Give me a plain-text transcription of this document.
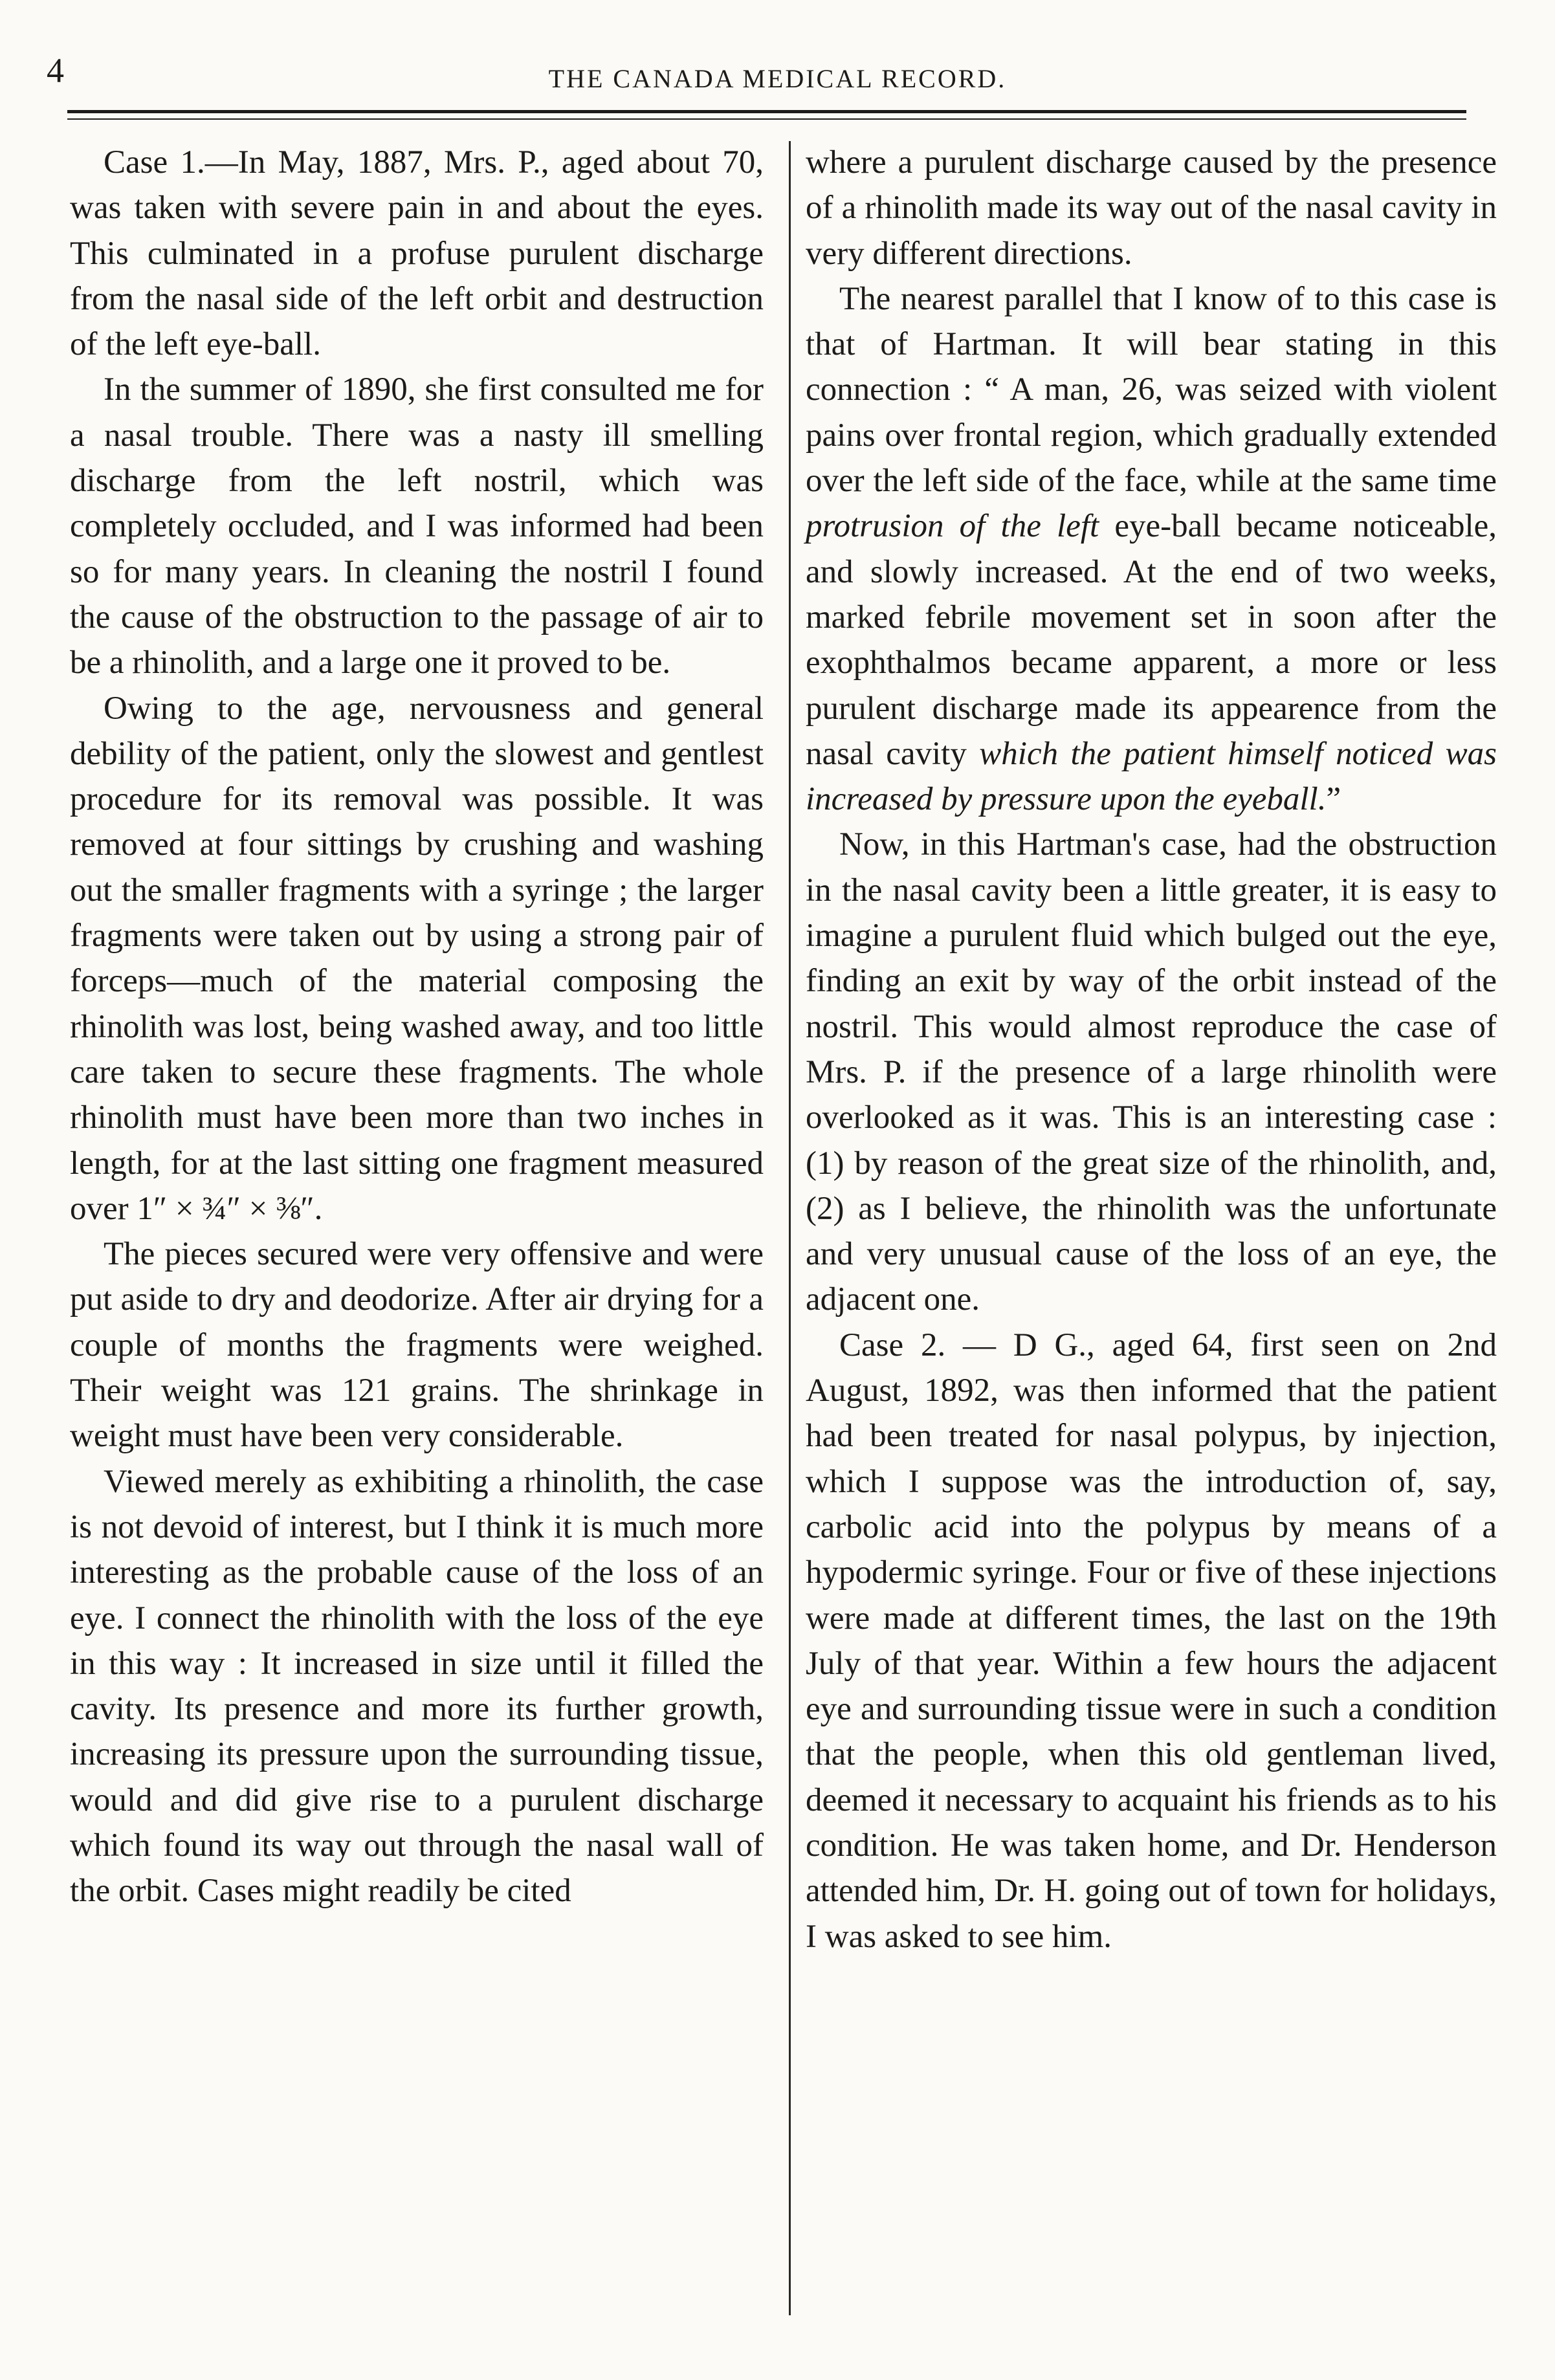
4	THE CANADA MEDICAL RECORD.

Case 1.—In May, 1887, Mrs. P., aged about 70, was taken with severe pain in and about the eyes. This culminated in a profuse purulent discharge from the nasal side of the left orbit and destruction of the left eye-ball.

In the summer of 1890, she first consulted me for a nasal trouble. There was a nasty ill smelling discharge from the left nostril, which was completely occluded, and I was informed had been so for many years. In cleaning the nostril I found the cause of the obstruction to the passage of air to be a rhinolith, and a large one it proved to be.

Owing to the age, nervousness and general debility of the patient, only the slowest and gentlest procedure for its removal was possible. It was removed at four sittings by crushing and washing out the smaller fragments with a syringe ; the larger fragments were taken out by using a strong pair of forceps—much of the material composing the rhinolith was lost, being washed away, and too little care taken to secure these fragments. The whole rhinolith must have been more than two inches in length, for at the last sitting one fragment measured over 1″ × ¾″ × ⅜″.

The pieces secured were very offensive and were put aside to dry and deodorize. After air drying for a couple of months the fragments were weighed. Their weight was 121 grains. The shrinkage in weight must have been very considerable.

Viewed merely as exhibiting a rhinolith, the case is not devoid of interest, but I think it is much more interesting as the probable cause of the loss of an eye. I connect the rhinolith with the loss of the eye in this way : It increased in size until it filled the cavity. Its presence and more its further growth, increasing its pressure upon the surrounding tissue, would and did give rise to a purulent discharge which found its way out through the nasal wall of the orbit. Cases might readily be cited

where a purulent discharge caused by the presence of a rhinolith made its way out of the nasal cavity in very different directions.

The nearest parallel that I know of to this case is that of Hartman. It will bear stating in this connection : “ A man, 26, was seized with violent pains over frontal region, which gradually extended over the left side of the face, while at the same time protrusion of the left eye-ball became noticeable, and slowly increased. At the end of two weeks, marked febrile movement set in soon after the exophthalmos became apparent, a more or less purulent discharge made its appearence from the nasal cavity which the patient himself noticed was increased by pressure upon the eyeball.”

Now, in this Hartman's case, had the obstruction in the nasal cavity been a little greater, it is easy to imagine a purulent fluid which bulged out the eye, finding an exit by way of the orbit instead of the nostril. This would almost reproduce the case of Mrs. P. if the presence of a large rhinolith were overlooked as it was. This is an interesting case : (1) by reason of the great size of the rhinolith, and, (2) as I believe, the rhinolith was the unfortunate and very unusual cause of the loss of an eye, the adjacent one.

Case 2. — D G., aged 64, first seen on 2nd August, 1892, was then informed that the patient had been treated for nasal polypus, by injection, which I suppose was the introduction of, say, carbolic acid into the polypus by means of a hypodermic syringe. Four or five of these injections were made at different times, the last on the 19th July of that year. Within a few hours the adjacent eye and surrounding tissue were in such a condition that the people, when this old gentleman lived, deemed it necessary to acquaint his friends as to his condition. He was taken home, and Dr. Henderson attended him, Dr. H. going out of town for holidays, I was asked to see him.
